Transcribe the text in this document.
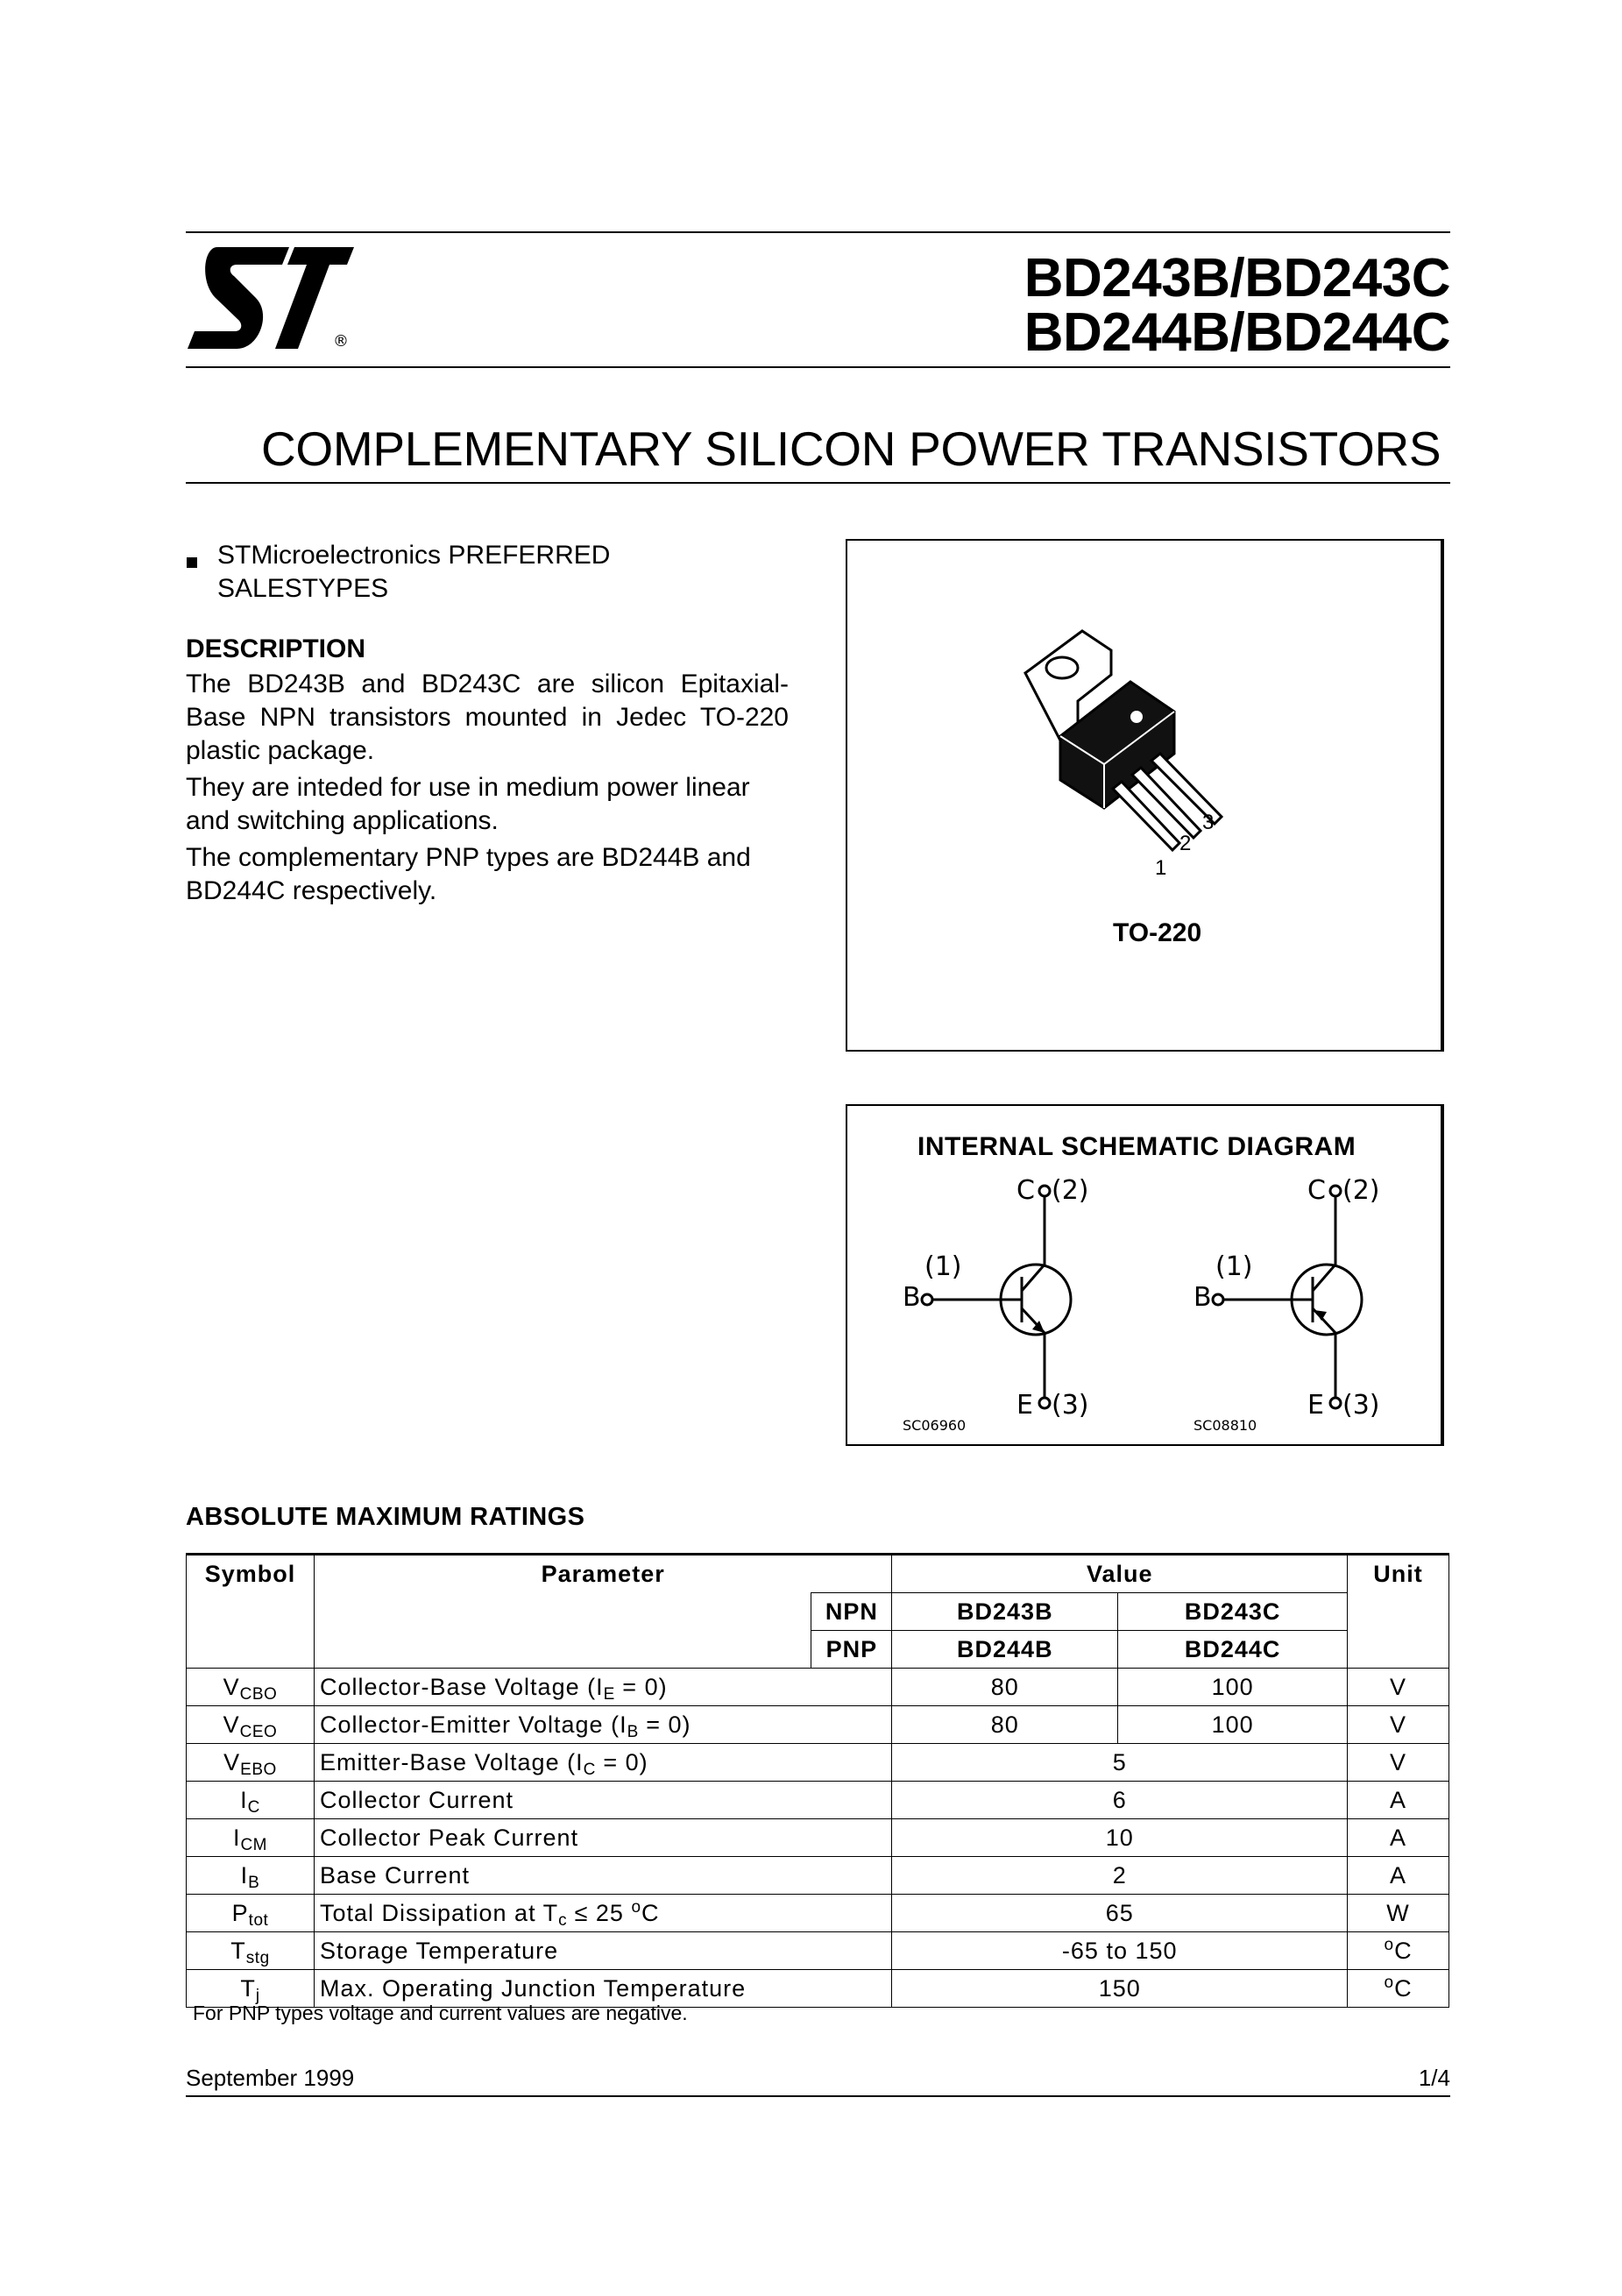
®
BD243B/BD243C
BD244B/BD244C
COMPLEMENTARY SILICON POWER TRANSISTORS
STMicroelectronics PREFERRED SALESTYPES
DESCRIPTION
The BD243B and BD243C are silicon Epitaxial-Base NPN transistors mounted in Jedec TO-220 plastic package.
They are inteded for use in medium power linear and switching applications.
The complementary PNP types are BD244B and BD244C respectively.
1
2
3
TO-220
INTERNAL SCHEMATIC DIAGRAM
C (2)
(1)
B
E (3)
SC06960
C (2)
(1)
B
E (3)
SC08810
ABSOLUTE MAXIMUM RATINGS
Symbol	Parameter		Value		Unit
		NPN	BD243B	BD243C	
		PNP	BD244B	BD244C	
$V_{CBO}$	Collector-Base Voltage $(I_E = 0)$		80	100	V
$V_{CEO}$	Collector-Emitter Voltage $(I_B = 0)$		80	100	V
$V_{EBO}$	Emitter-Base Voltage $(I_C = 0)$		5		V
$I_C$	Collector Current		6		A
$I_{CM}$	Collector Peak Current		10		A
$I_B$	Base Current		2		A
$P_{tot}$	Total Dissipation at $T_c \le 25$ $^o$C		65		W
$T_{stg}$	Storage Temperature		-65 to 150		$^o$C
$T_j$	Max. Operating Junction Temperature		150		$^o$C
For PNP types voltage and current values are negative.
September 1999	1/4
